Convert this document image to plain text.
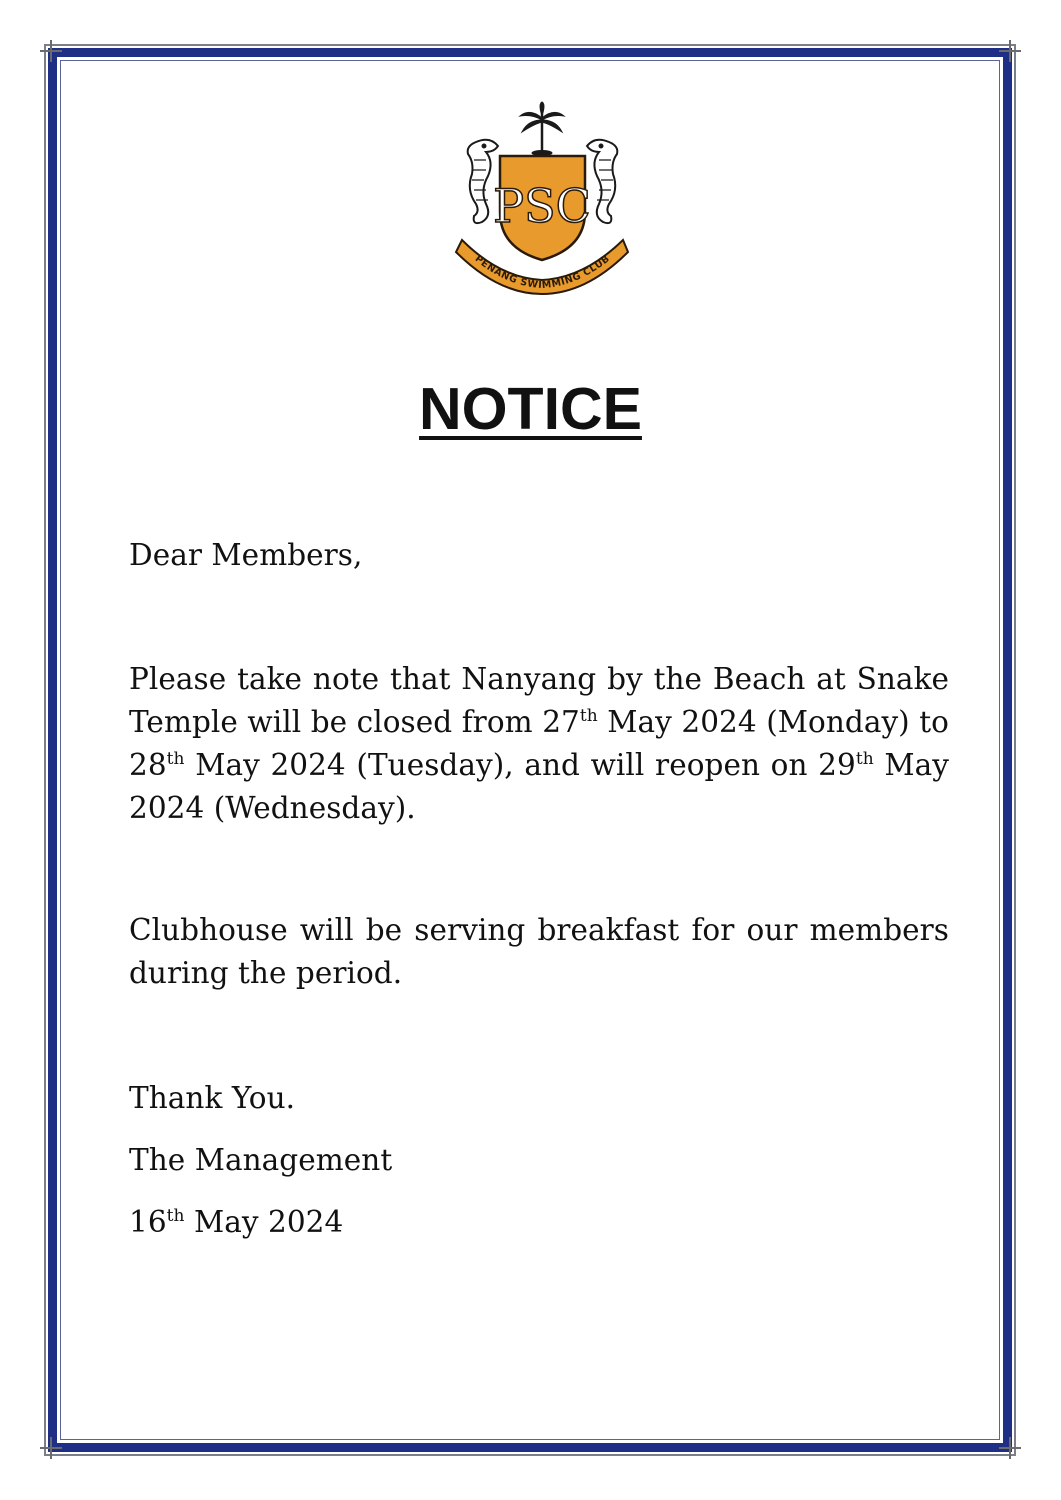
PSC
PENANG SWIMMING CLUB
NOTICE
Dear Members,
Please take note that Nanyang by the Beach at Snake Temple will be closed from 27th May 2024 (Monday) to 28th May 2024 (Tuesday), and will reopen on 29th May 2024 (Wednesday).
Clubhouse will be serving breakfast for our members during the period.
Thank You.
The Management
16th May 2024
